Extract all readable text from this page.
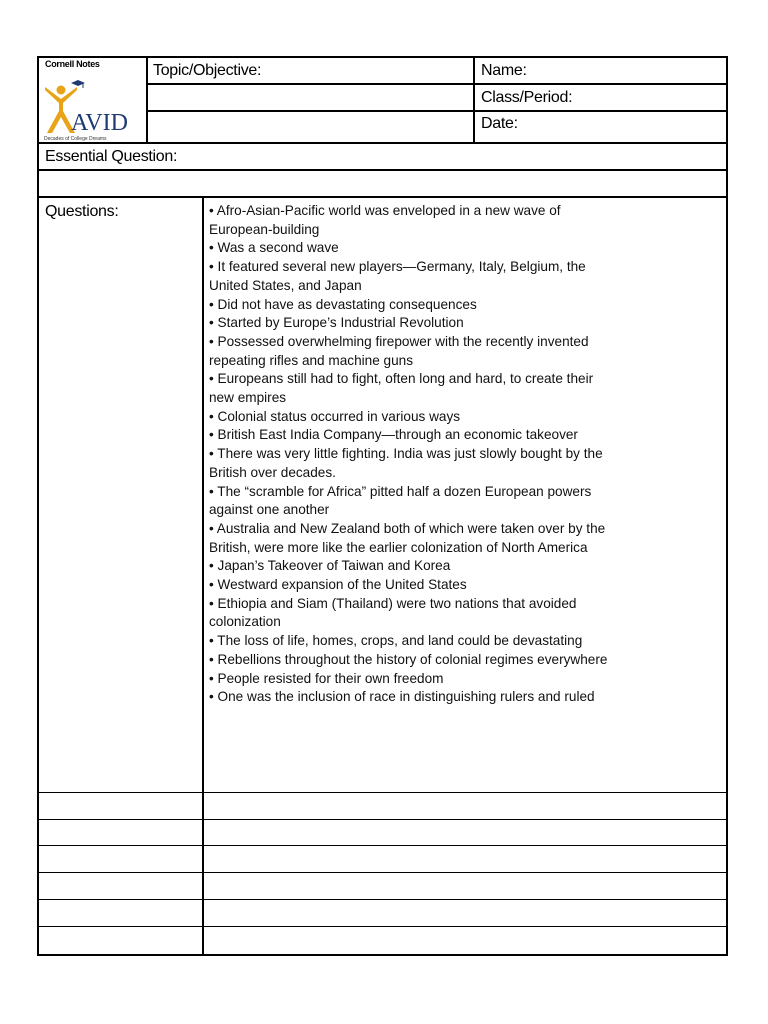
Cornell Notes
AVID
Decades of College Dreams
Topic/Objective:	Name:
Class/Period:
Date:
Essential Question:
Questions:	• Afro-Asian-Pacific world was enveloped in a new wave of European-building
• Was a second wave
• It featured several new players—Germany, Italy, Belgium, the United States, and Japan
• Did not have as devastating consequences
• Started by Europe’s Industrial Revolution
• Possessed overwhelming firepower with the recently invented repeating rifles and machine guns
• Europeans still had to fight, often long and hard, to create their new empires
• Colonial status occurred in various ways
• British East India Company—through an economic takeover
• There was very little fighting. India was just slowly bought by the British over decades.
• The “scramble for Africa” pitted half a dozen European powers against one another
• Australia and New Zealand both of which were taken over by the British, were more like the earlier colonization of North America
• Japan’s Takeover of Taiwan and Korea
• Westward expansion of the United States
• Ethiopia and Siam (Thailand) were two nations that avoided colonization
• The loss of life, homes, crops, and land could be devastating
• Rebellions throughout the history of colonial regimes everywhere
• People resisted for their own freedom
• One was the inclusion of race in distinguishing rulers and ruled
